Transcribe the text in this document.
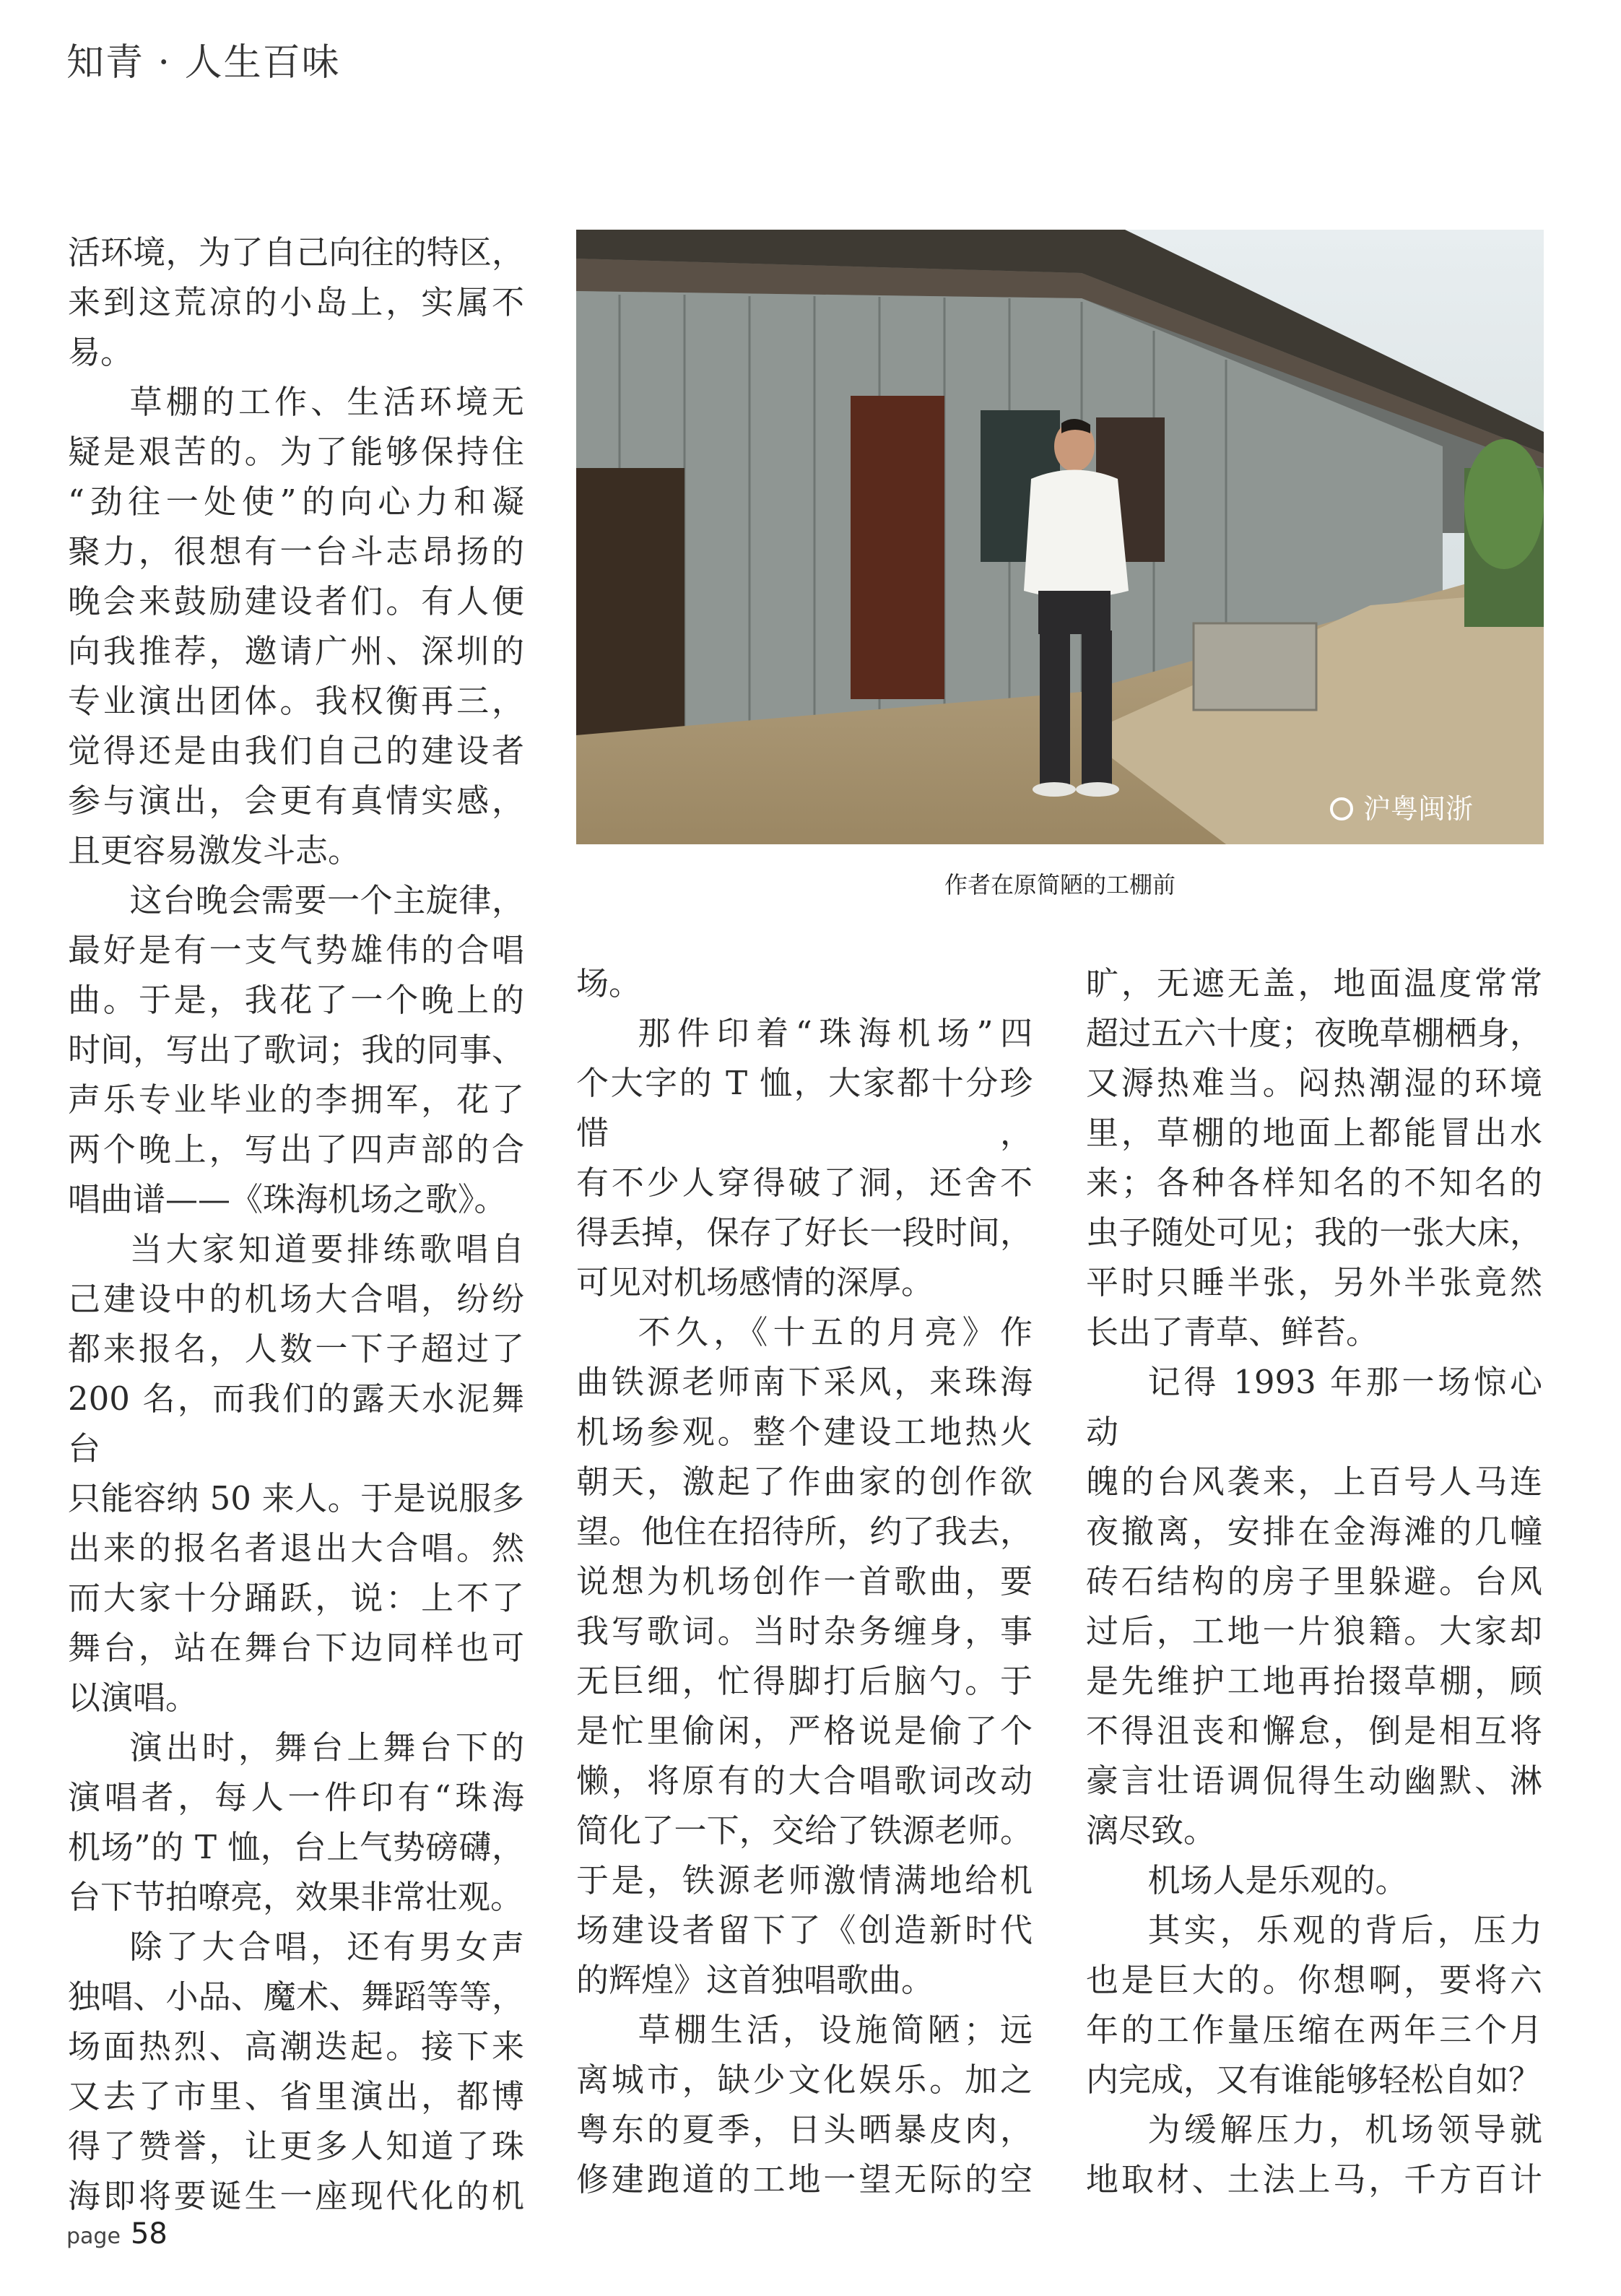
知青 · 人生百味

活环境，为了自己向往的特区，

来到这荒凉的小岛上，实属不

易。

草棚的工作、生活环境无

疑是艰苦的。为了能够保持住

“劲往一处使”的向心力和凝

聚力，很想有一台斗志昂扬的

晚会来鼓励建设者们。有人便

向我推荐，邀请广州、深圳的

专业演出团体。我权衡再三，

觉得还是由我们自己的建设者

参与演出，会更有真情实感，

且更容易激发斗志。

这台晚会需要一个主旋律，

最好是有一支气势雄伟的合唱

曲。于是，我花了一个晚上的

时间，写出了歌词；我的同事、

声乐专业毕业的李拥军，花了

两个晚上，写出了四声部的合

唱曲谱——《珠海机场之歌》。

当大家知道要排练歌唱自

己建设中的机场大合唱，纷纷

都来报名，人数一下子超过了

200 名，而我们的露天水泥舞台

只能容纳 50 来人。于是说服多

出来的报名者退出大合唱。然

而大家十分踊跃，说：上不了

舞台，站在舞台下边同样也可

以演唱。

演出时，舞台上舞台下的

演唱者，每人一件印有“珠海

机场”的 T 恤，台上气势磅礴，

台下节拍嘹亮，效果非常壮观。

除了大合唱，还有男女声

独唱、小品、魔术、舞蹈等等，

场面热烈、高潮迭起。接下来

又去了市里、省里演出，都博

得了赞誉，让更多人知道了珠

海即将要诞生一座现代化的机

沪粤闽浙
作者在原简陋的工棚前

场。

那件印着“珠海机场”四

个大字的 T 恤，大家都十分珍惜，

有不少人穿得破了洞，还舍不

得丢掉，保存了好长一段时间，

可见对机场感情的深厚。

不久，《十五的月亮》作

曲铁源老师南下采风，来珠海

机场参观。整个建设工地热火

朝天，激起了作曲家的创作欲

望。他住在招待所，约了我去，

说想为机场创作一首歌曲，要

我写歌词。当时杂务缠身，事

无巨细，忙得脚打后脑勺。于

是忙里偷闲，严格说是偷了个

懒，将原有的大合唱歌词改动

简化了一下，交给了铁源老师。

于是，铁源老师激情满地给机

场建设者留下了《创造新时代

的辉煌》这首独唱歌曲。

草棚生活，设施简陋；远

离城市，缺少文化娱乐。加之

粤东的夏季，日头晒暴皮肉，

修建跑道的工地一望无际的空

旷，无遮无盖，地面温度常常

超过五六十度；夜晚草棚栖身，

又溽热难当。闷热潮湿的环境

里，草棚的地面上都能冒出水

来；各种各样知名的不知名的

虫子随处可见；我的一张大床，

平时只睡半张，另外半张竟然

长出了青草、鲜苔。

记得 1993 年那一场惊心动

魄的台风袭来，上百号人马连

夜撤离，安排在金海滩的几幢

砖石结构的房子里躲避。台风

过后，工地一片狼籍。大家却

是先维护工地再抬掇草棚，顾

不得沮丧和懈怠，倒是相互将

豪言壮语调侃得生动幽默、淋

漓尽致。

机场人是乐观的。

其实，乐观的背后，压力

也是巨大的。你想啊，要将六

年的工作量压缩在两年三个月

内完成，又有谁能够轻松自如？

为缓解压力，机场领导就

地取材、土法上马，千方百计

page 58
